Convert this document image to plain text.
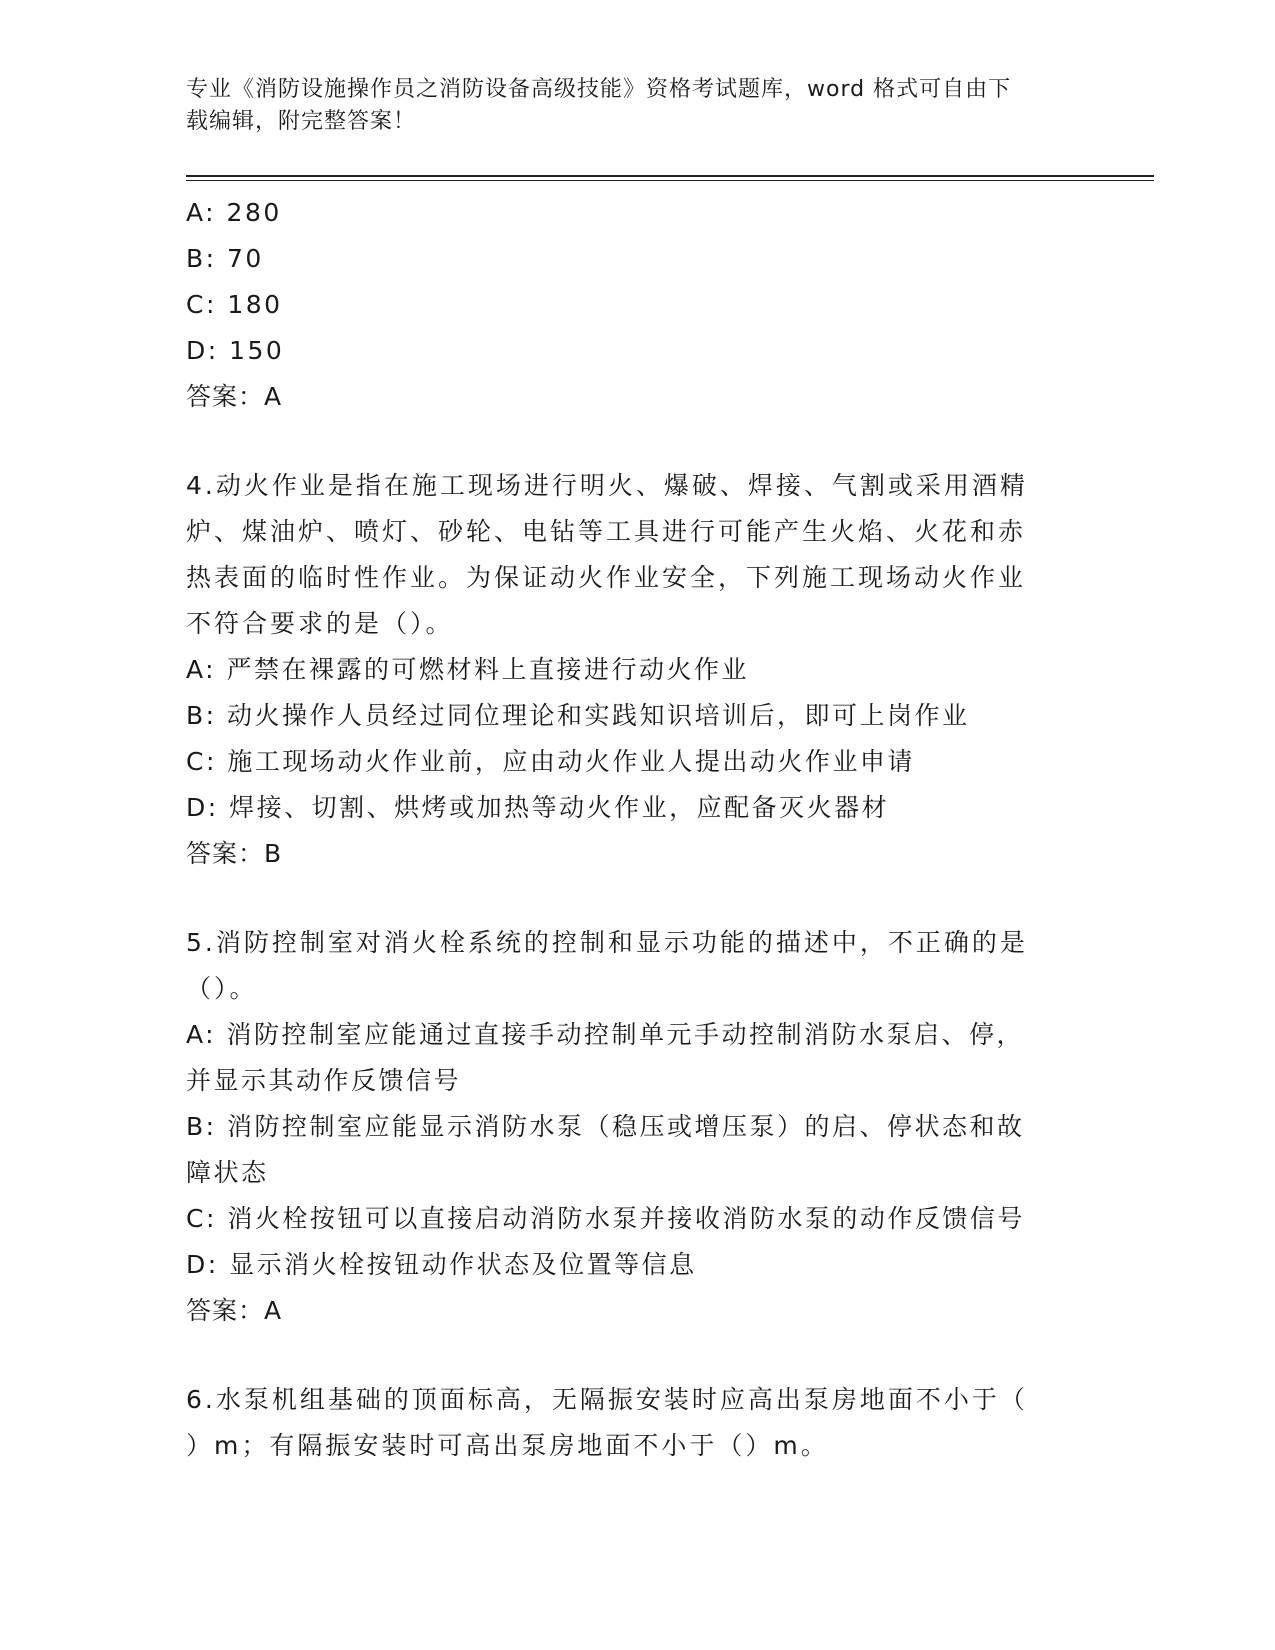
专业《消防设施操作员之消防设备高级技能》资格考试题库，word 格式可自由下
载编辑，附完整答案！
A: 280
B: 70
C: 180
D: 150
答案：A
4.动火作业是指在施工现场进行明火、爆破、焊接、气割或采用酒精
炉、煤油炉、喷灯、砂轮、电钻等工具进行可能产生火焰、火花和赤
热表面的临时性作业。为保证动火作业安全，下列施工现场动火作业
不符合要求的是（）。
A: 严禁在裸露的可燃材料上直接进行动火作业
B: 动火操作人员经过同位理论和实践知识培训后，即可上岗作业
C: 施工现场动火作业前，应由动火作业人提出动火作业申请
D: 焊接、切割、烘烤或加热等动火作业，应配备灭火器材
答案：B
5.消防控制室对消火栓系统的控制和显示功能的描述中，不正确的是
（）。
A: 消防控制室应能通过直接手动控制单元手动控制消防水泵启、停，
并显示其动作反馈信号
B: 消防控制室应能显示消防水泵（稳压或增压泵）的启、停状态和故
障状态
C: 消火栓按钮可以直接启动消防水泵并接收消防水泵的动作反馈信号
D: 显示消火栓按钮动作状态及位置等信息
答案：A
6.水泵机组基础的顶面标高，无隔振安装时应高出泵房地面不小于（
）m；有隔振安装时可高出泵房地面不小于（）m。
